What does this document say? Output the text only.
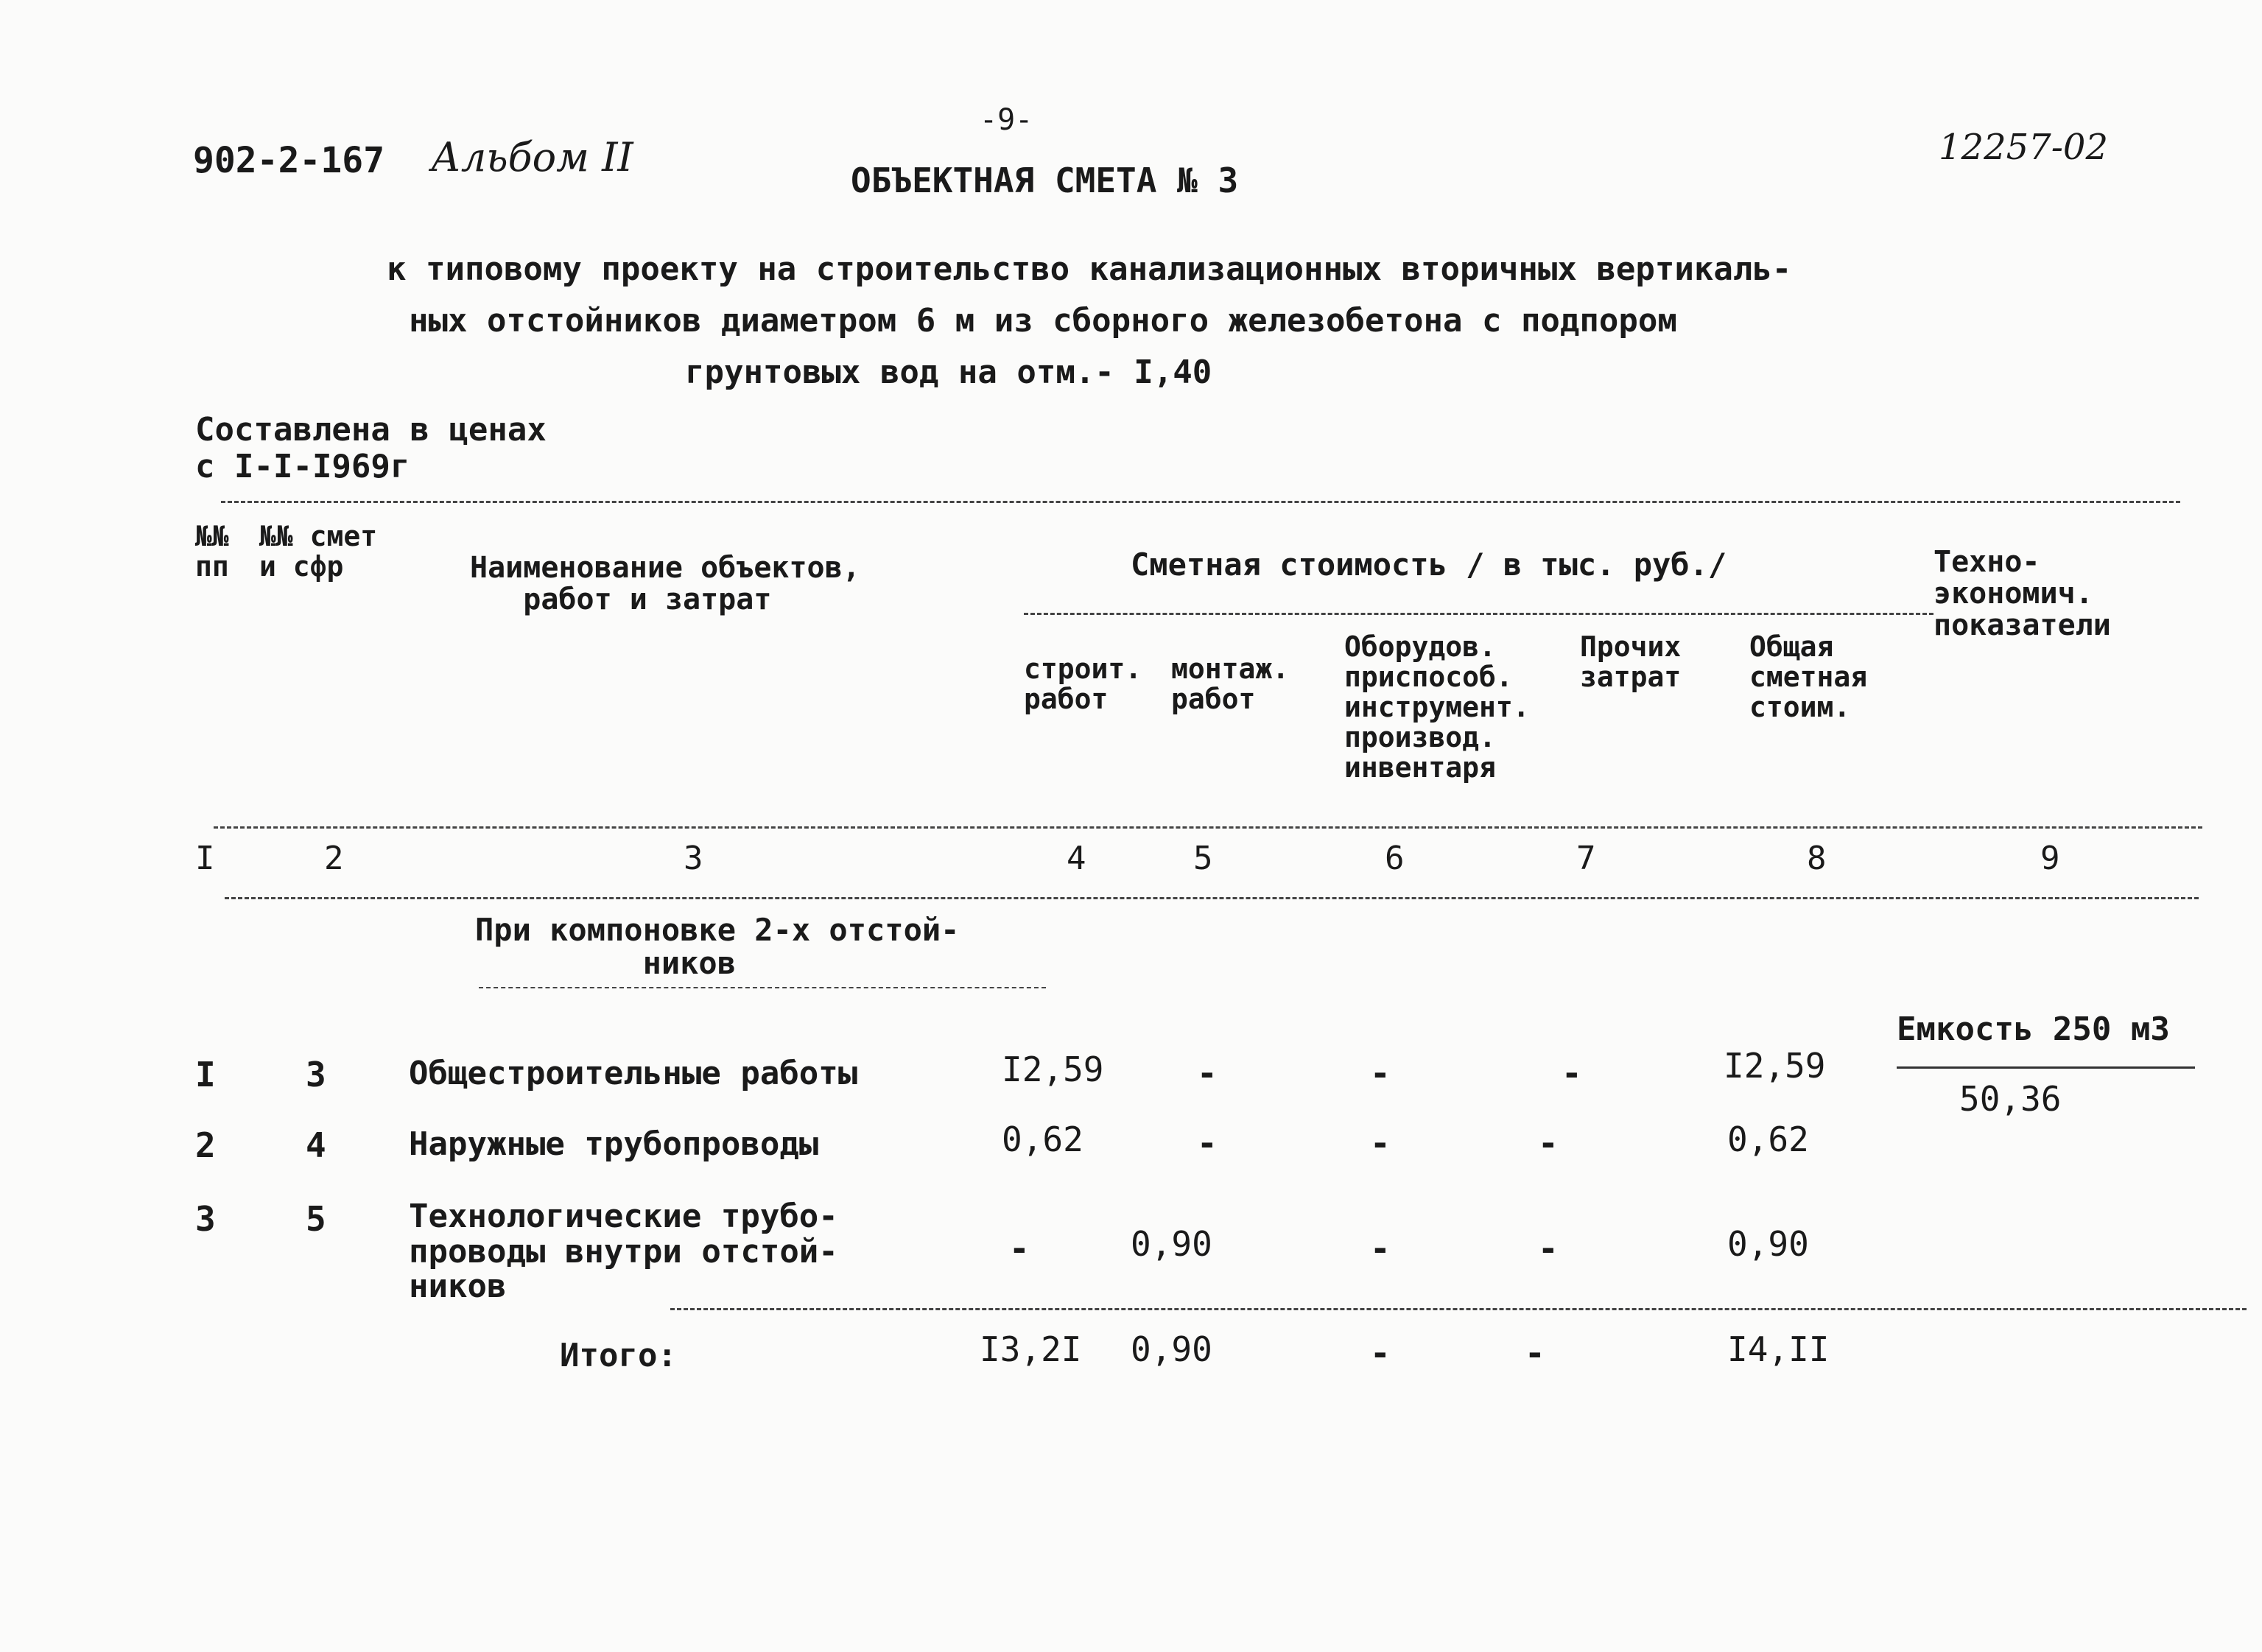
-9-
902-2-167 Альбом II	12257-02
ОБЪЕКТНАЯ СМЕТА № 3
к типовому проекту на строительство канализационных вторичных вертикаль-
ных отстойников диаметром 6 м из сборного железобетона с подпором
грунтовых вод на отм.- I,40
Составлена в ценах
с I-I-I969г
№№
пп
№№ смет
и сфр	Наименование объектов,
работ и затрат
Сметная стоимость / в тыс. руб./	Техно-
экономич.
показатели
строит.
работ
монтаж.
работ
Оборудов.
приспособ.
инструмент.
производ.
инвентаря
Прочих
затрат
Общая
сметная
стоим.
I	2	3	4	5	6	7	8	9
При компоновке 2-х отстой-
ников
I	3	Общестроительные работы	I2,59	-	-	-	I2,59
Емкость 250 м3
50,36
2	4	Наружные трубопроводы	0,62	-	-	-	0,62
3	5	Технологические трубо-
проводы внутри отстой-
ников
-	0,90	-	-	0,90
Итого:	I3,2I 0,90	-	-	I4,II
